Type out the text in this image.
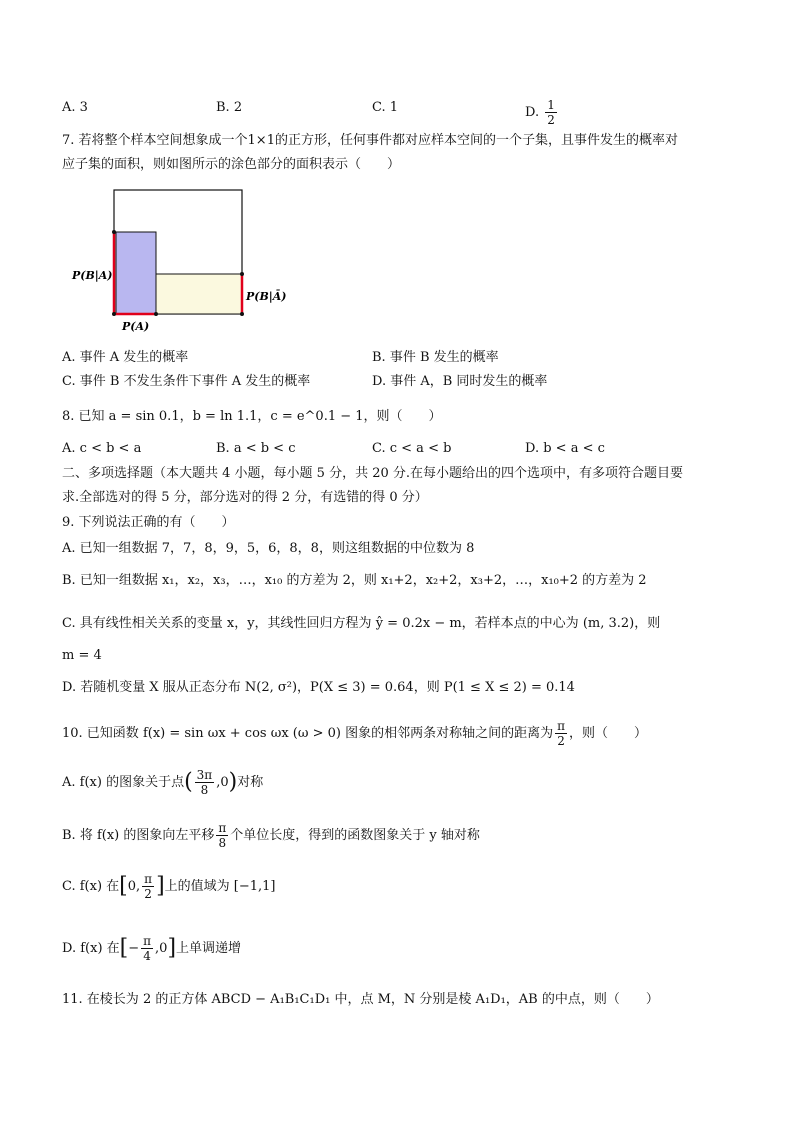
A. 3	B. 2	C. 1	D. $\frac{1}{2}$
7. 若将整个样本空间想象成一个1×1的正方形，任何事件都对应样本空间的一个子集，且事件发生的概率对
应子集的面积，则如图所示的涂色部分的面积表示（　　）
P(B|A)
P(B|Ā)
P(A)
A. 事件 A 发生的概率	B. 事件 B 发生的概率
C. 事件 B 不发生条件下事件 A 发生的概率	D. 事件 A，B 同时发生的概率
8. 已知 a = sin 0.1，b = ln 1.1，c = e^0.1 − 1，则（　　）
A. c < b < a	B. a < b < c	C. c < a < b	D. b < a < c
二、多项选择题（本大题共 4 小题，每小题 5 分，共 20 分.在每小题给出的四个选项中，有多项符合题目要
求.全部选对的得 5 分，部分选对的得 2 分，有选错的得 0 分）
9. 下列说法正确的有（　　）
A. 已知一组数据 7，7，8，9，5，6，8，8，则这组数据的中位数为 8
B. 已知一组数据 x₁，x₂，x₃，…，x₁₀ 的方差为 2，则 x₁+2，x₂+2，x₃+2，…，x₁₀+2 的方差为 2
C. 具有线性相关关系的变量 x，y，其线性回归方程为 ŷ = 0.2x − m，若样本点的中心为 (m, 3.2)，则
m = 4
D. 若随机变量 X 服从正态分布 N(2, σ²)，P(X ≤ 3) = 0.64，则 P(1 ≤ X ≤ 2) = 0.14
10. 已知函数 f(x) = sin ωx + cos ωx (ω > 0) 图象的相邻两条对称轴之间的距离为 $\frac{\pi}{2}$ ，则（　　）
A. f(x) 的图象关于点( $\frac{3\pi}{8} ,0$)对称
B. 将 f(x) 的图象向左平移 $\frac{\pi}{8}$ 个单位长度，得到的函数图象关于 y 轴对称
C. f(x) 在[0, $\frac{\pi}{2}$ ]上的值域为 [−1,1]
D. f(x) 在[− $\frac{\pi}{4} ,0$]上单调递增
11. 在棱长为 2 的正方体 ABCD − A₁B₁C₁D₁ 中，点 M，N 分别是棱 A₁D₁，AB 的中点，则（　　）
